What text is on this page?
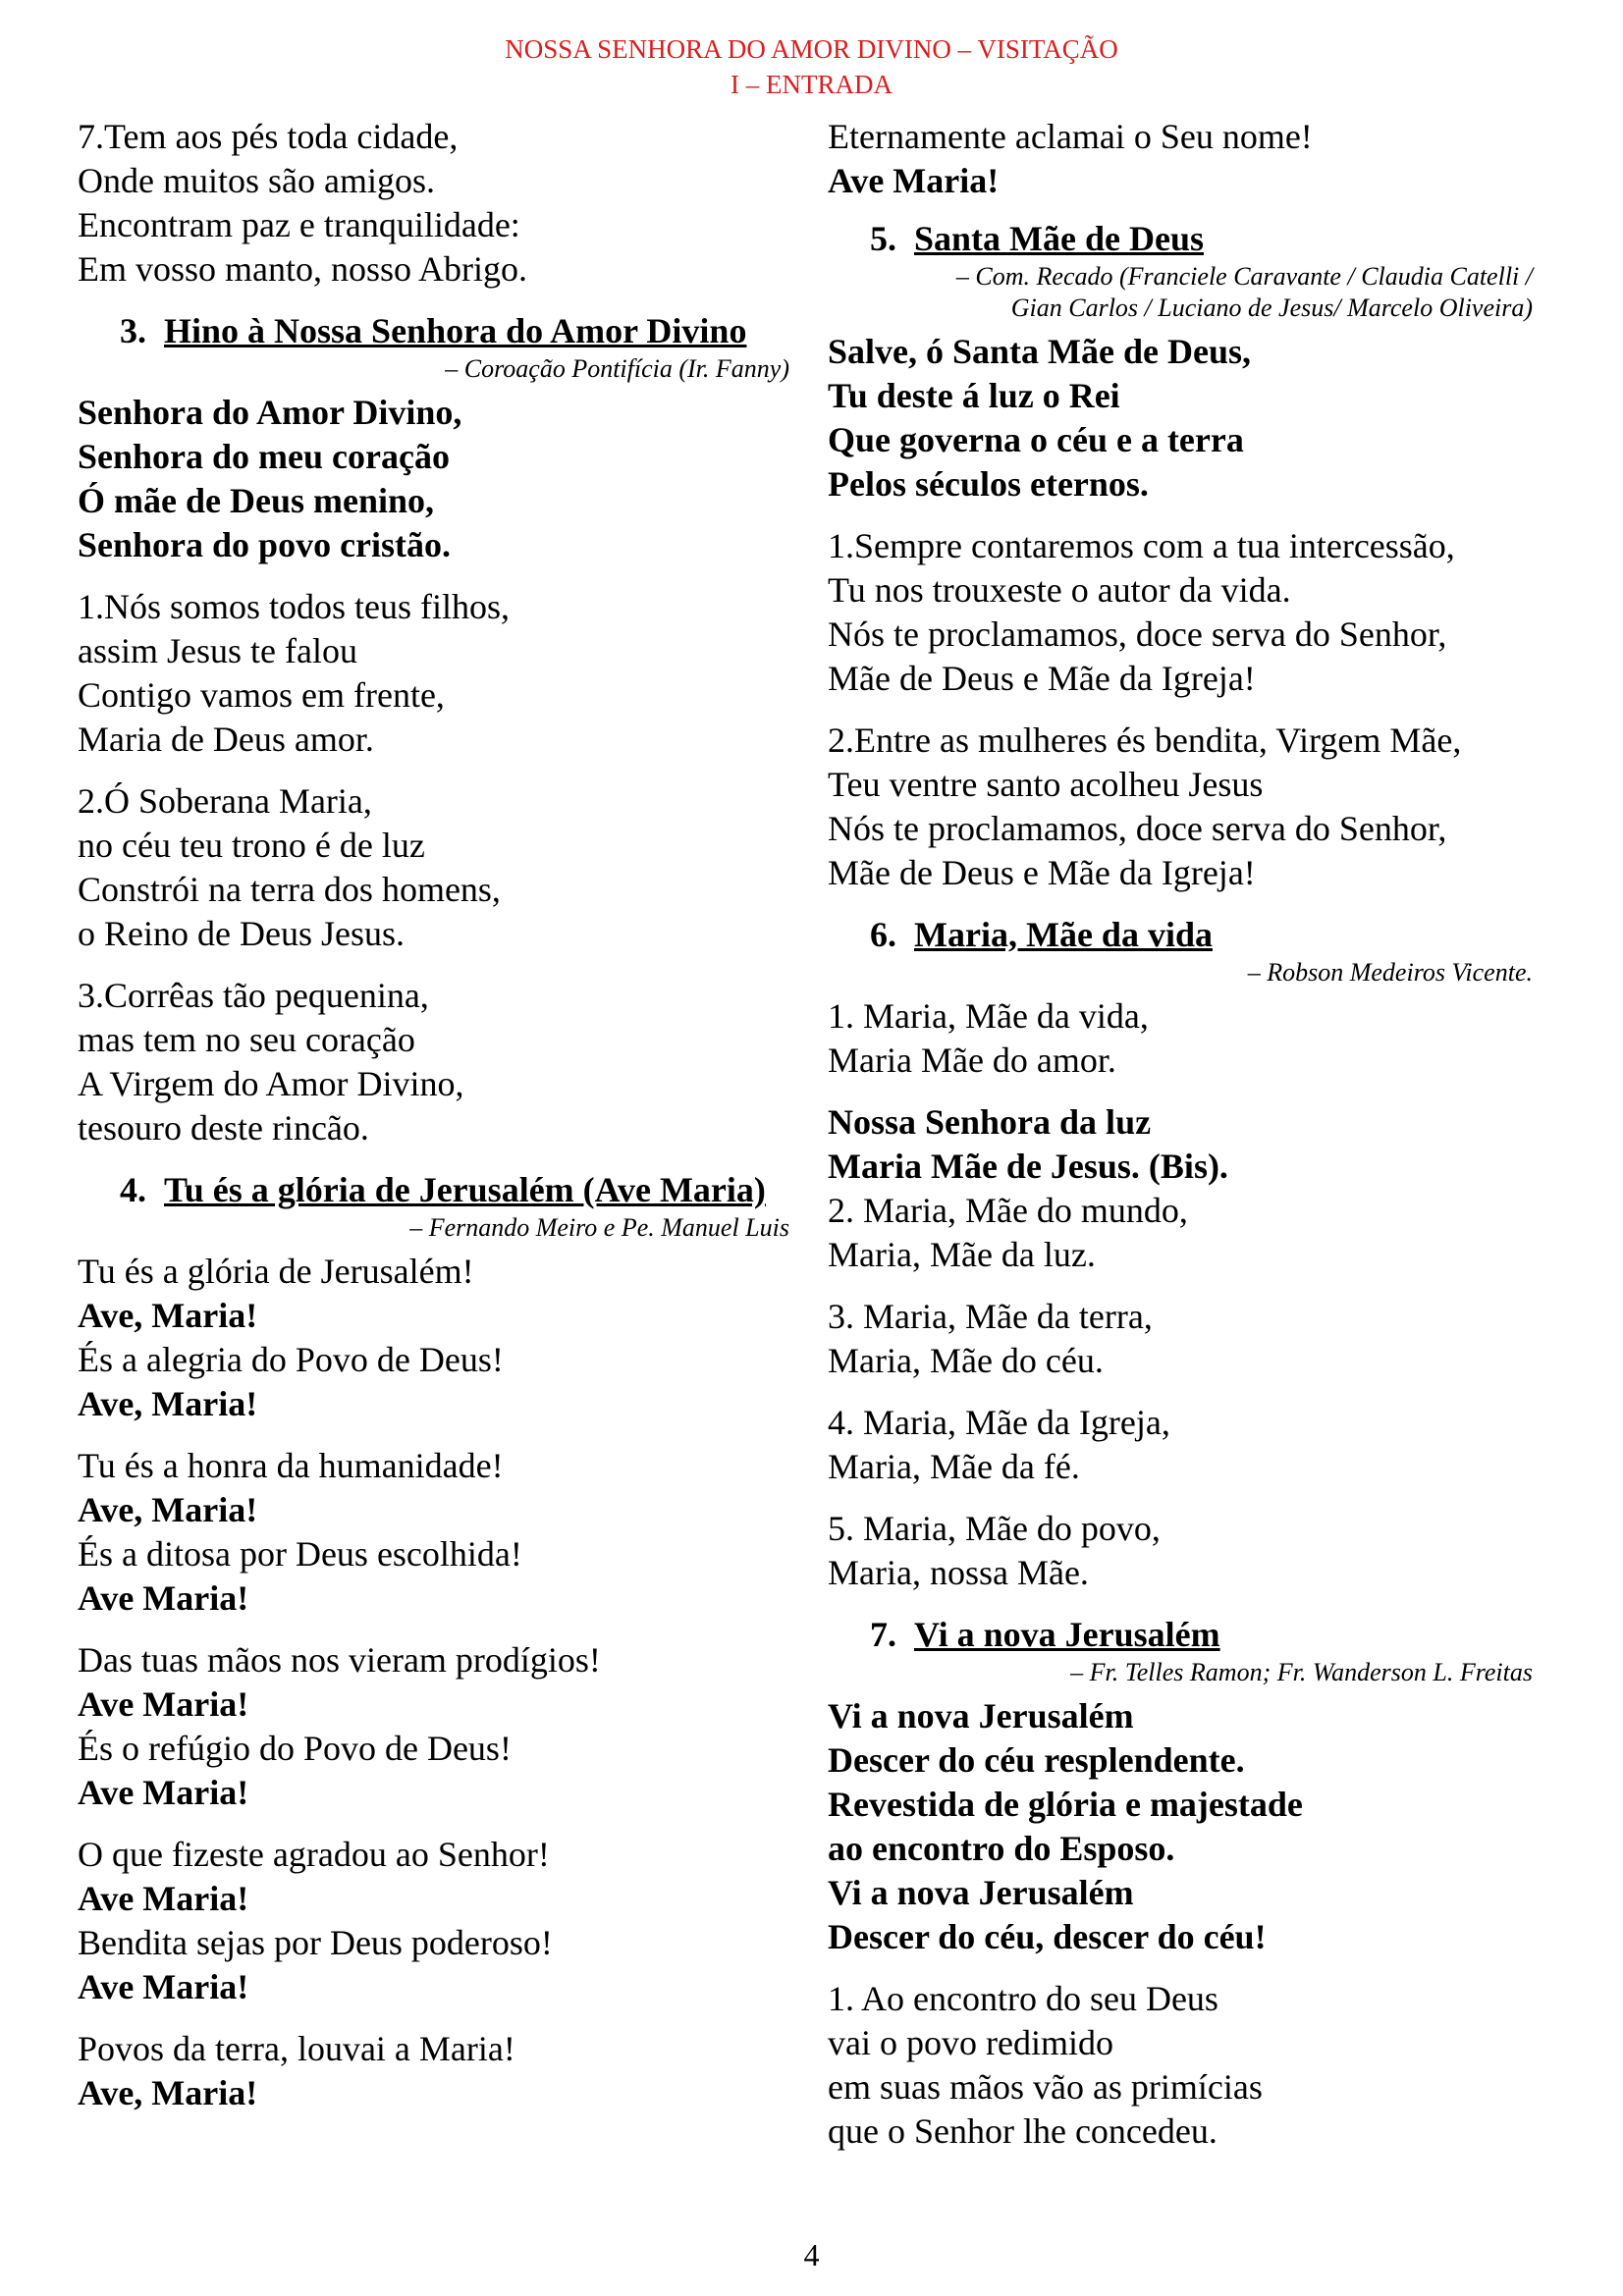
NOSSA SENHORA DO AMOR DIVINO – VISITAÇÃO
I – ENTRADA
7.Tem aos pés toda cidade,
Onde muitos são amigos.
Encontram paz e tranquilidade:
Em vosso manto, nosso Abrigo.
3. Hino à Nossa Senhora do Amor Divino
– Coroação Pontifícia (Ir. Fanny)
Senhora do Amor Divino,
Senhora do meu coração
Ó mãe de Deus menino,
Senhora do povo cristão.
1.Nós somos todos teus filhos,
assim Jesus te falou
Contigo vamos em frente,
Maria de Deus amor.
2.Ó Soberana Maria,
no céu teu trono é de luz
Constrói na terra dos homens,
o Reino de Deus Jesus.
3.Corrêas tão pequenina,
mas tem no seu coração
A Virgem do Amor Divino,
tesouro deste rincão.
4. Tu és a glória de Jerusalém (Ave Maria)
– Fernando Meiro e Pe. Manuel Luis
Tu és a glória de Jerusalém!
Ave, Maria!
És a alegria do Povo de Deus!
Ave, Maria!
Tu és a honra da humanidade!
Ave, Maria!
És a ditosa por Deus escolhida!
Ave Maria!
Das tuas mãos nos vieram prodígios!
Ave Maria!
És o refúgio do Povo de Deus!
Ave Maria!
O que fizeste agradou ao Senhor!
Ave Maria!
Bendita sejas por Deus poderoso!
Ave Maria!
Povos da terra, louvai a Maria!
Ave, Maria!
Eternamente aclamai o Seu nome!
Ave Maria!
5. Santa Mãe de Deus
– Com. Recado (Franciele Caravante / Claudia Catelli /
Gian Carlos / Luciano de Jesus/ Marcelo Oliveira)
Salve, ó Santa Mãe de Deus,
Tu deste á luz o Rei
Que governa o céu e a terra
Pelos séculos eternos.
1.Sempre contaremos com a tua intercessão,
Tu nos trouxeste o autor da vida.
Nós te proclamamos, doce serva do Senhor,
Mãe de Deus e Mãe da Igreja!
2.Entre as mulheres és bendita, Virgem Mãe,
Teu ventre santo acolheu Jesus
Nós te proclamamos, doce serva do Senhor,
Mãe de Deus e Mãe da Igreja!
6. Maria, Mãe da vida
– Robson Medeiros Vicente.
1. Maria, Mãe da vida,
Maria Mãe do amor.
Nossa Senhora da luz
Maria Mãe de Jesus. (Bis).
2. Maria, Mãe do mundo,
Maria, Mãe da luz.
3. Maria, Mãe da terra,
Maria, Mãe do céu.
4. Maria, Mãe da Igreja,
Maria, Mãe da fé.
5. Maria, Mãe do povo,
Maria, nossa Mãe.
7. Vi a nova Jerusalém
– Fr. Telles Ramon; Fr. Wanderson L. Freitas
Vi a nova Jerusalém
Descer do céu resplendente.
Revestida de glória e majestade
ao encontro do Esposo.
Vi a nova Jerusalém
Descer do céu, descer do céu!
1. Ao encontro do seu Deus
vai o povo redimido
em suas mãos vão as primícias
que o Senhor lhe concedeu.
4
